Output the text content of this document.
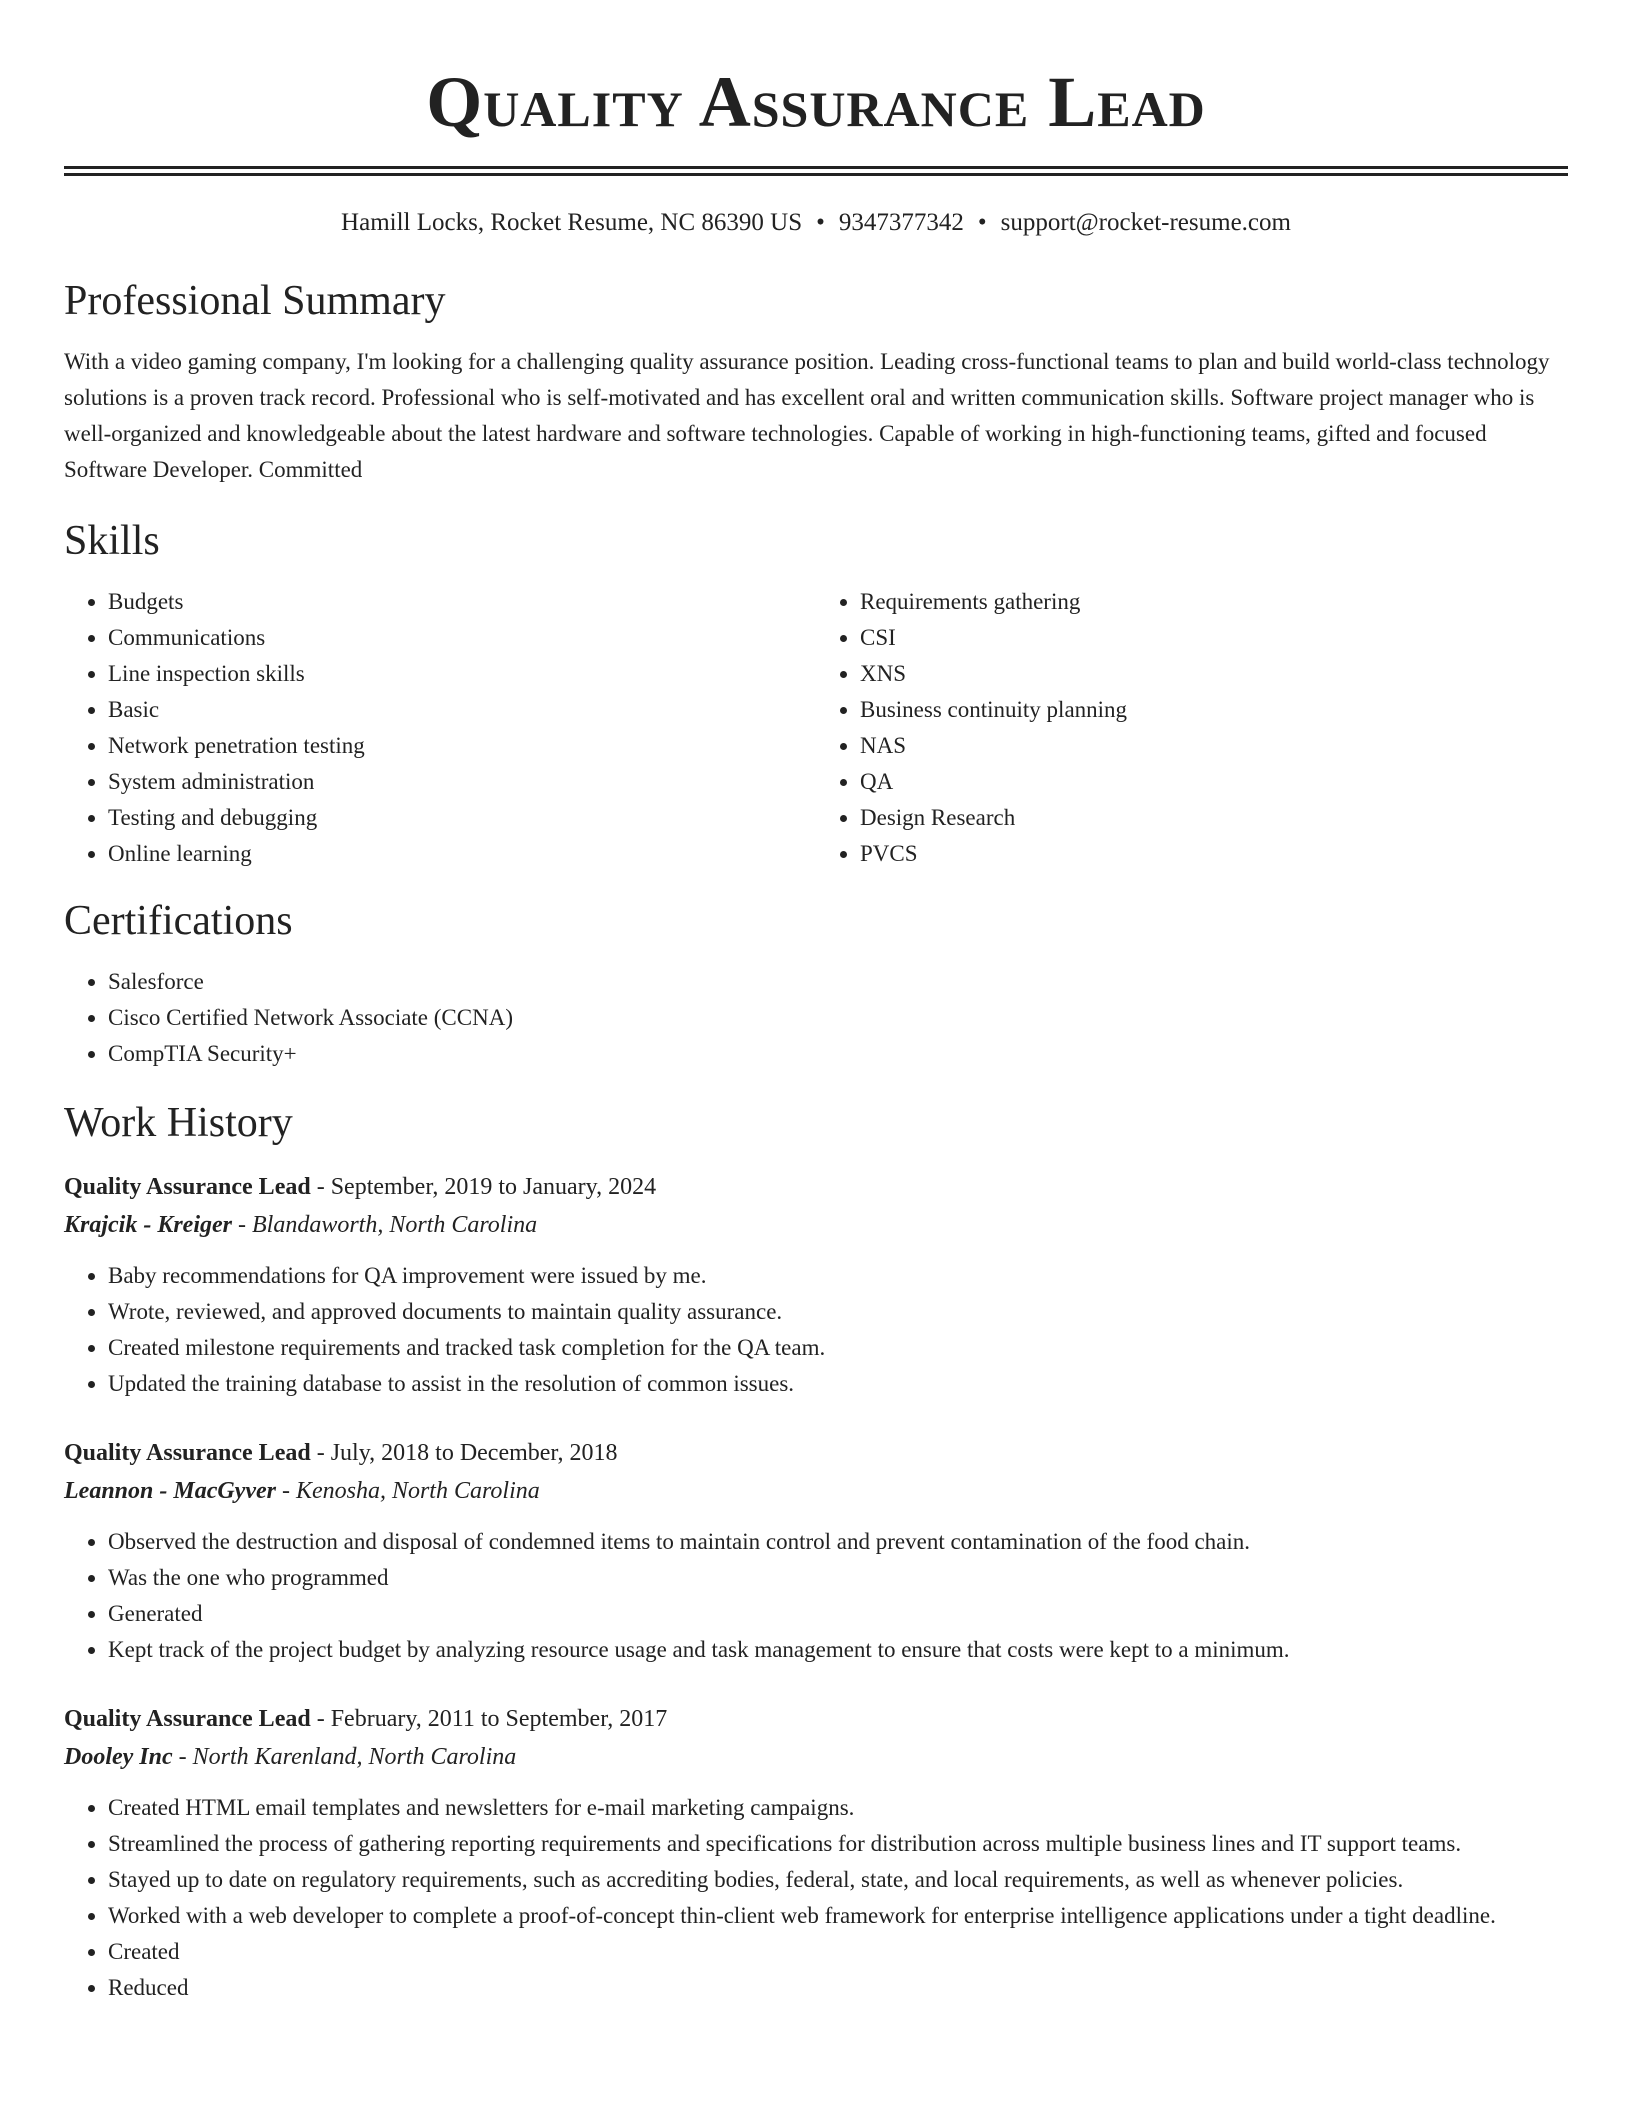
Quality Assurance Lead
Hamill Locks, Rocket Resume, NC 86390 US • 9347377342 • support@rocket-resume.com
Professional Summary
With a video gaming company, I'm looking for a challenging quality assurance position. Leading cross-functional teams to plan and build world-class technology solutions is a proven track record. Professional who is self-motivated and has excellent oral and written communication skills. Software project manager who is well-organized and knowledgeable about the latest hardware and software technologies. Capable of working in high-functioning teams, gifted and focused Software Developer. Committed
Skills
• Budgets
• Communications
• Line inspection skills
• Basic
• Network penetration testing
• System administration
• Testing and debugging
• Online learning
• Requirements gathering
• CSI
• XNS
• Business continuity planning
• NAS
• QA
• Design Research
• PVCS
Certifications
• Salesforce
• Cisco Certified Network Associate (CCNA)
• CompTIA Security+
Work History
Quality Assurance Lead - September, 2019 to January, 2024
Krajcik - Kreiger - Blandaworth, North Carolina
• Baby recommendations for QA improvement were issued by me.
• Wrote, reviewed, and approved documents to maintain quality assurance.
• Created milestone requirements and tracked task completion for the QA team.
• Updated the training database to assist in the resolution of common issues.
Quality Assurance Lead - July, 2018 to December, 2018
Leannon - MacGyver - Kenosha, North Carolina
• Observed the destruction and disposal of condemned items to maintain control and prevent contamination of the food chain.
• Was the one who programmed
• Generated
• Kept track of the project budget by analyzing resource usage and task management to ensure that costs were kept to a minimum.
Quality Assurance Lead - February, 2011 to September, 2017
Dooley Inc - North Karenland, North Carolina
• Created HTML email templates and newsletters for e-mail marketing campaigns.
• Streamlined the process of gathering reporting requirements and specifications for distribution across multiple business lines and IT support teams.
• Stayed up to date on regulatory requirements, such as accrediting bodies, federal, state, and local requirements, as well as whenever policies.
• Worked with a web developer to complete a proof-of-concept thin-client web framework for enterprise intelligence applications under a tight deadline.
• Created
• Reduced
